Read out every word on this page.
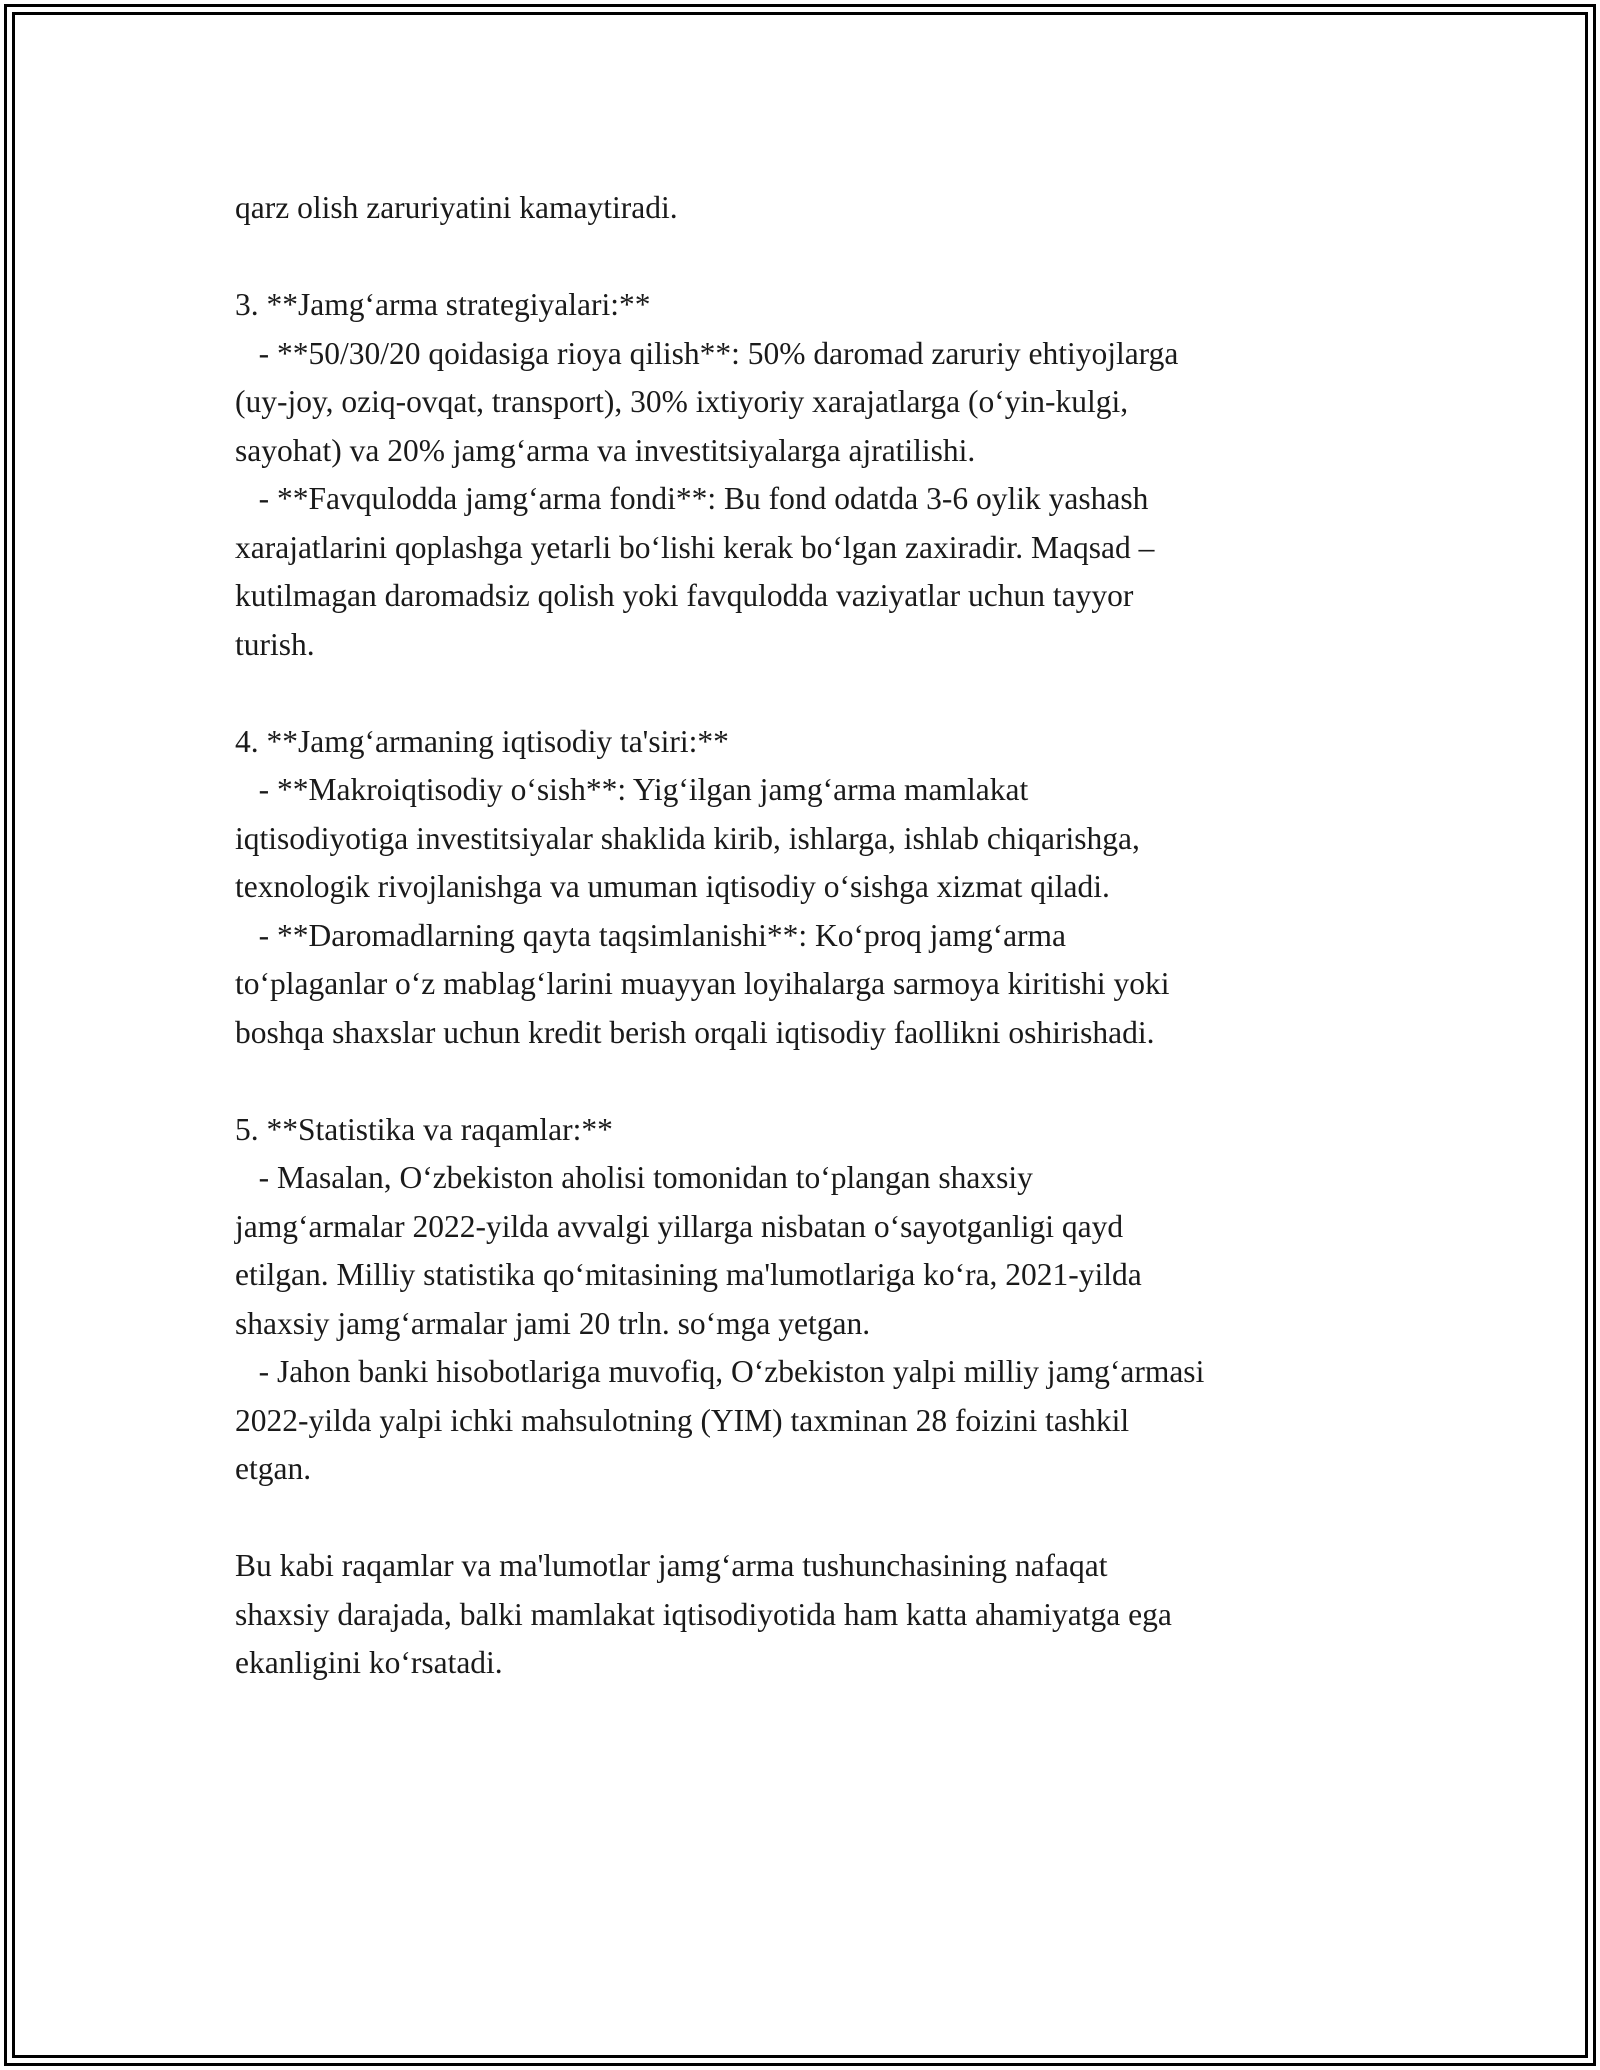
qarz olish zaruriyatini kamaytiradi.
3. **Jamg‘arma strategiyalari:**
- **50/30/20 qoidasiga rioya qilish**: 50% daromad zaruriy ehtiyojlarga
(uy-joy, oziq-ovqat, transport), 30% ixtiyoriy xarajatlarga (o‘yin-kulgi,
sayohat) va 20% jamg‘arma va investitsiyalarga ajratilishi.
- **Favqulodda jamg‘arma fondi**: Bu fond odatda 3-6 oylik yashash
xarajatlarini qoplashga yetarli bo‘lishi kerak bo‘lgan zaxiradir. Maqsad –
kutilmagan daromadsiz qolish yoki favqulodda vaziyatlar uchun tayyor
turish.
4. **Jamg‘armaning iqtisodiy ta'siri:**
- **Makroiqtisodiy o‘sish**: Yig‘ilgan jamg‘arma mamlakat
iqtisodiyotiga investitsiyalar shaklida kirib, ishlarga, ishlab chiqarishga,
texnologik rivojlanishga va umuman iqtisodiy o‘sishga xizmat qiladi.
- **Daromadlarning qayta taqsimlanishi**: Ko‘proq jamg‘arma
to‘plaganlar o‘z mablag‘larini muayyan loyihalarga sarmoya kiritishi yoki
boshqa shaxslar uchun kredit berish orqali iqtisodiy faollikni oshirishadi.
5. **Statistika va raqamlar:**
- Masalan, O‘zbekiston aholisi tomonidan to‘plangan shaxsiy
jamg‘armalar 2022-yilda avvalgi yillarga nisbatan o‘sayotganligi qayd
etilgan. Milliy statistika qo‘mitasining ma'lumotlariga ko‘ra, 2021-yilda
shaxsiy jamg‘armalar jami 20 trln. so‘mga yetgan.
- Jahon banki hisobotlariga muvofiq, O‘zbekiston yalpi milliy jamg‘armasi
2022-yilda yalpi ichki mahsulotning (YIM) taxminan 28 foizini tashkil
etgan.
Bu kabi raqamlar va ma'lumotlar jamg‘arma tushunchasining nafaqat
shaxsiy darajada, balki mamlakat iqtisodiyotida ham katta ahamiyatga ega
ekanligini ko‘rsatadi.
